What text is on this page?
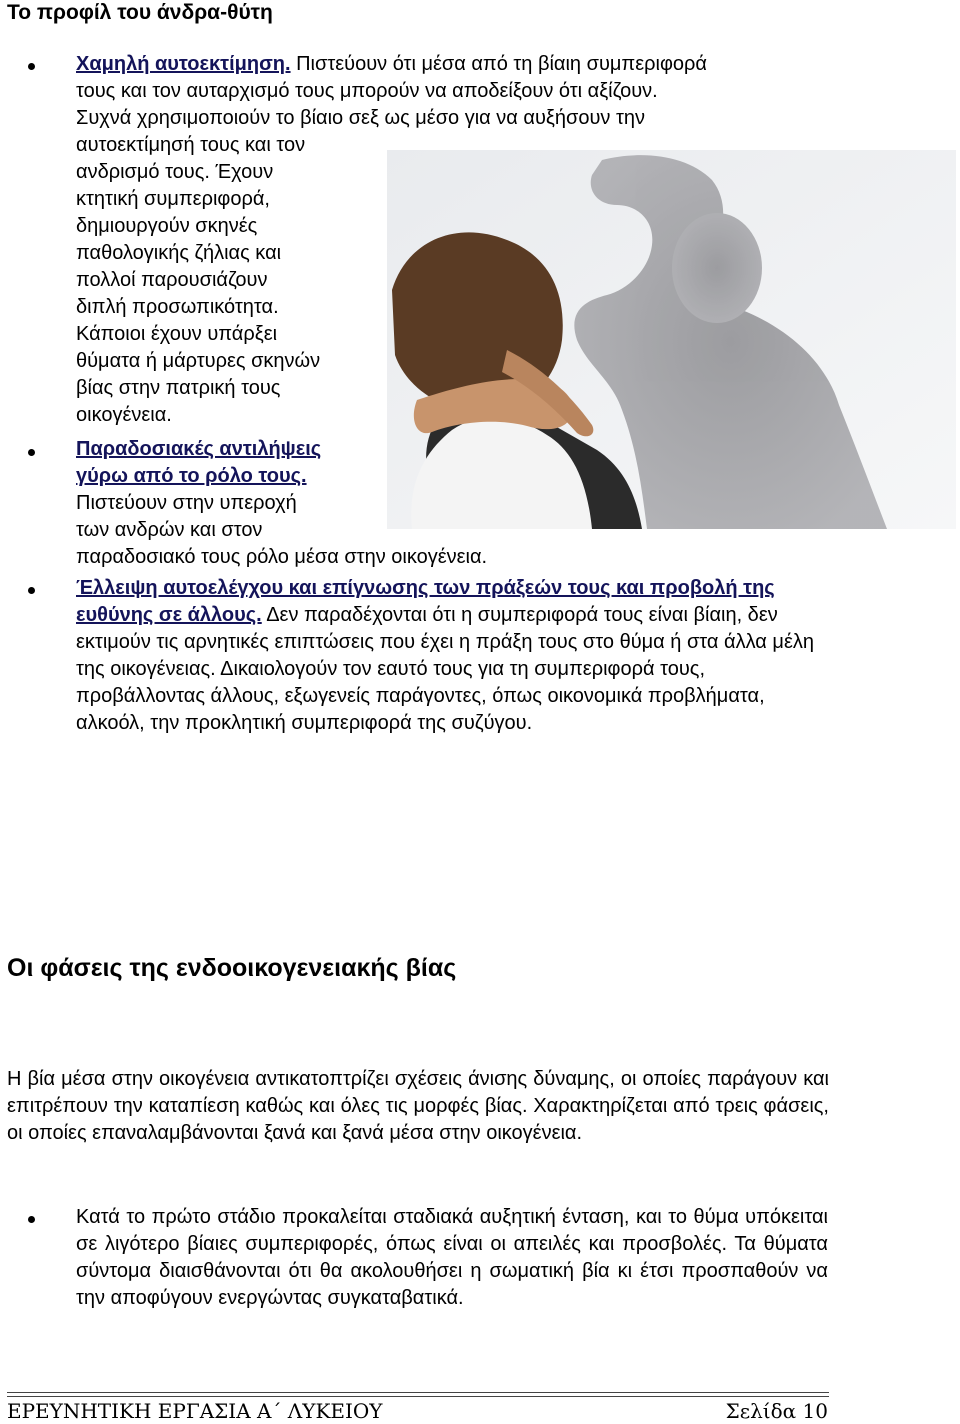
Το προφίλ του άνδρα-θύτη
Χαμηλή αυτοεκτίμηση. Πιστεύουν ότι μέσα από τη βίαιη συμπεριφορά
τους και τον αυταρχισμό τους μπορούν να αποδείξουν ότι αξίζουν.
Συχνά χρησιμοποιούν το βίαιο σεξ ως μέσο για να αυξήσουν την
αυτοεκτίμησή τους και τον
ανδρισμό τους. Έχουν
κτητική συμπεριφορά,
δημιουργούν σκηνές
παθολογικής ζήλιας και
πολλοί παρουσιάζουν
διπλή προσωπικότητα.
Κάποιοι έχουν υπάρξει
θύματα ή μάρτυρες σκηνών
βίας στην πατρική τους
οικογένεια.
Παραδοσιακές αντιλήψεις γύρω από το ρόλο τους.
Πιστεύουν στην υπεροχή
των ανδρών και στον
παραδοσιακό τους ρόλο μέσα στην οικογένεια.
Έλλειψη αυτοελέγχου και επίγνωσης των πράξεών τους και προβολή της ευθύνης σε άλλους. Δεν παραδέχονται ότι η συμπεριφορά τους είναι βίαιη, δεν εκτιμούν τις αρνητικές επιπτώσεις που έχει η πράξη τους στο θύμα ή στα άλλα μέλη της οικογένειας. Δικαιολογούν τον εαυτό τους για τη συμπεριφορά τους, προβάλλοντας άλλους, εξωγενείς παράγοντες, όπως οικονομικά προβλήματα, αλκοόλ, την προκλητική συμπεριφορά της συζύγου.
Οι φάσεις της ενδοοικογενειακής βίας
Η βία μέσα στην οικογένεια αντικατοπτρίζει σχέσεις άνισης δύναμης, οι οποίες παράγουν και επιτρέπουν την καταπίεση καθώς και όλες τις μορφές βίας. Χαρακτηρίζεται από τρεις φάσεις, οι οποίες επαναλαμβάνονται ξανά και ξανά μέσα στην οικογένεια.
Κατά το πρώτο στάδιο προκαλείται σταδιακά αυξητική ένταση, και το θύμα υπόκειται σε λιγότερο βίαιες συμπεριφορές, όπως είναι οι απειλές και προσβολές. Τα θύματα σύντομα διαισθάνονται ότι θα ακολουθήσει η σωματική βία κι έτσι προσπαθούν να την αποφύγουν ενεργώντας συγκαταβατικά.
ΕΡΕΥΝΗΤΙΚΗ ΕΡΓΑΣΙΑ Α΄ ΛΥΚΕΙΟΥ	Σελίδα 10
